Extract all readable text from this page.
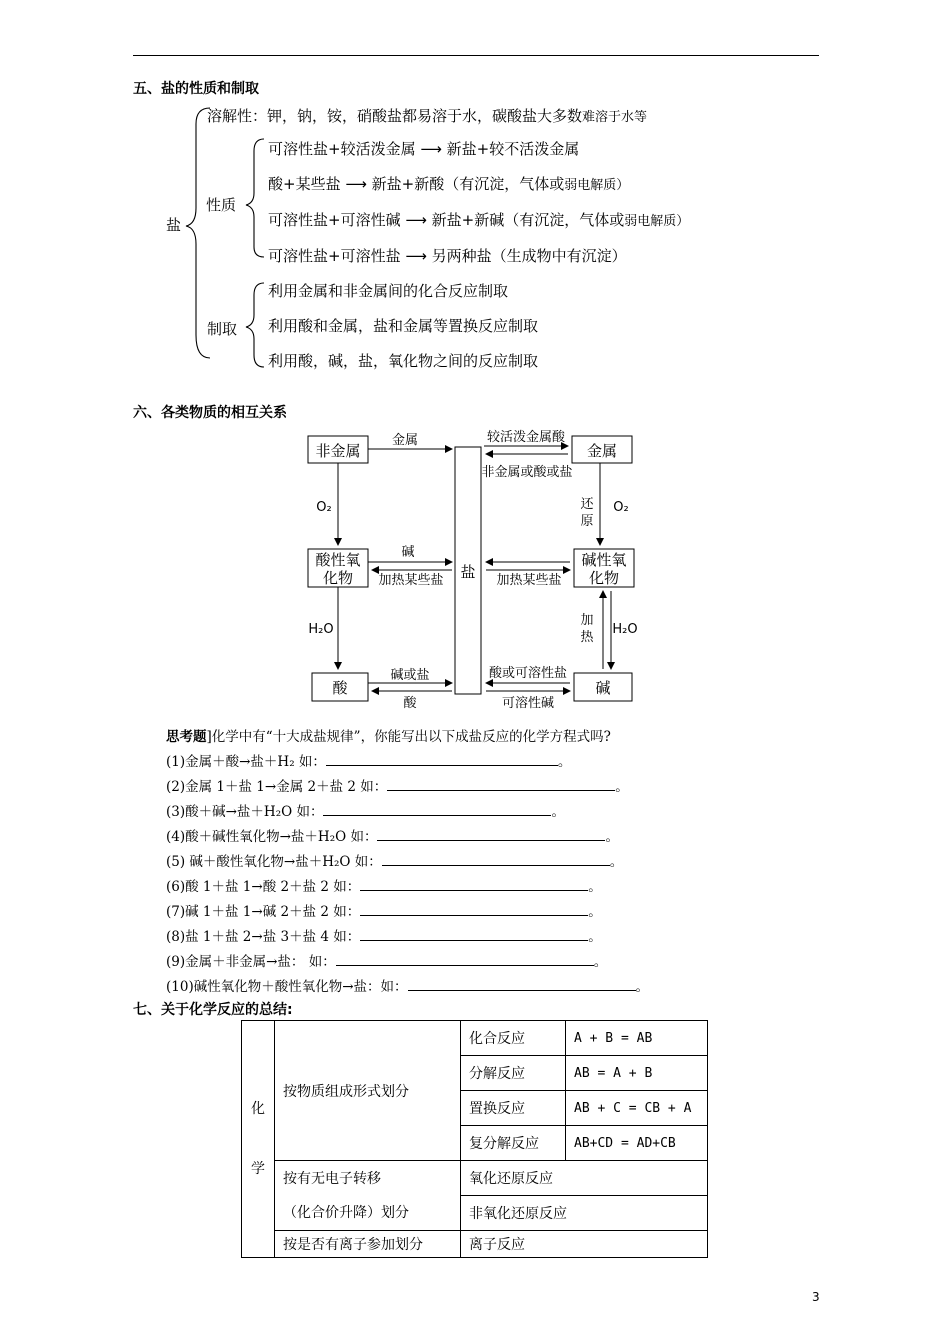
五、盐的性质和制取
盐
溶解性：钾，钠，铵，硝酸盐都易溶于水，碳酸盐大多数难溶于水等
性质
可溶性盐+较活泼金属 ⟶ 新盐+较不活泼金属
酸+某些盐 ⟶ 新盐+新酸（有沉淀，气体或弱电解质）
可溶性盐+可溶性碱 ⟶ 新盐+新碱（有沉淀，气体或弱电解质）
可溶性盐+可溶性盐 ⟶ 另两种盐（生成物中有沉淀）
制取
利用金属和非金属间的化合反应制取
利用酸和金属，盐和金属等置换反应制取
利用酸，碱，盐，氧化物之间的反应制取
六、各类物质的相互关系
非金属	金属
酸性氧
化物
碱性氧
化物
酸	碱
盐
金属	较活泼金属酸
非金属或酸或盐
O₂	O₂
H₂O	H₂O
还
原
加
热
碱
加热某些盐	加热某些盐
碱或盐
酸
酸或可溶性盐
可溶性碱
思考题]化学中有“十大成盐规律”，你能写出以下成盐反应的化学方程式吗?
(1)金属＋酸→盐＋H₂ 如：	。
(2)金属 1＋盐 1→金属 2＋盐 2 如：	。
(3)酸＋碱→盐＋H₂O 如：	。
(4)酸＋碱性氧化物→盐＋H₂O 如：	。
(5) 碱＋酸性氧化物→盐＋H₂O 如：	。
(6)酸 1＋盐 1→酸 2＋盐 2 如：	。
(7)碱 1＋盐 1→碱 2＋盐 2 如：	。
(8)盐 1＋盐 2→盐 3＋盐 4 如：	。
(9)金属＋非金属→盐： 如：	。
(10)碱性氧化物＋酸性氧化物→盐：如：	。
七、关于化学反应的总结:
化
学	按物质组成形式划分	化合反应	A + B = AB
		分解反应	AB = A + B
		置换反应	AB + C = CB + A
		复分解反应	AB+CD = AD+CB
	按有无电子转移
（化合价升降）划分	氧化还原反应	
		非氧化还原反应	
	按是否有离子参加划分	离子反应	
3
